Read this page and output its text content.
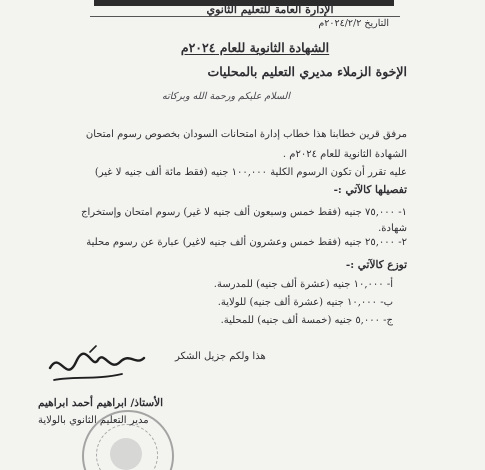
الإدارة العامة للتعليم الثانوي
التاريخ ٢٠٢٤/٢/٢م
الشهادة الثانوية للعام ٢٠٢٤م
الإخوة الزملاء مديري التعليم بالمحليات
السلام عليكم ورحمة الله وبركاته
مرفق قرين خطابنا هذا خطاب إدارة امتحانات السودان بخصوص رسوم امتحان
الشهادة الثانوية للعام ٢٠٢٤م .
عليه تقرر أن تكون الرسوم الكلية ١٠٠,٠٠٠ جنيه (فقط مائة ألف جنيه لا غير)
تفصيلها كالآتي :-
١- ٧٥,٠٠٠ جنيه (فقط خمس وسبعون ألف جنيه لا غير) رسوم امتحان وإستخراج
شهادة.
٢- ٢٥,٠٠٠ جنيه (فقط خمس وعشرون ألف جنيه لاغير) عبارة عن رسوم محلية
توزع كالآتي :-
أ- ١٠,٠٠٠ جنيه (عشرة ألف جنيه) للمدرسة.
ب- ١٠,٠٠٠ جنيه (عشرة ألف جنيه) للولاية.
ج- ٥,٠٠٠ جنيه (خمسة ألف جنيه) للمحلية.
هذا ولكم جزيل الشكر
الأستاذ/ ابراهيم أحمد ابراهيم
مدير التعليم الثانوي بالولاية
